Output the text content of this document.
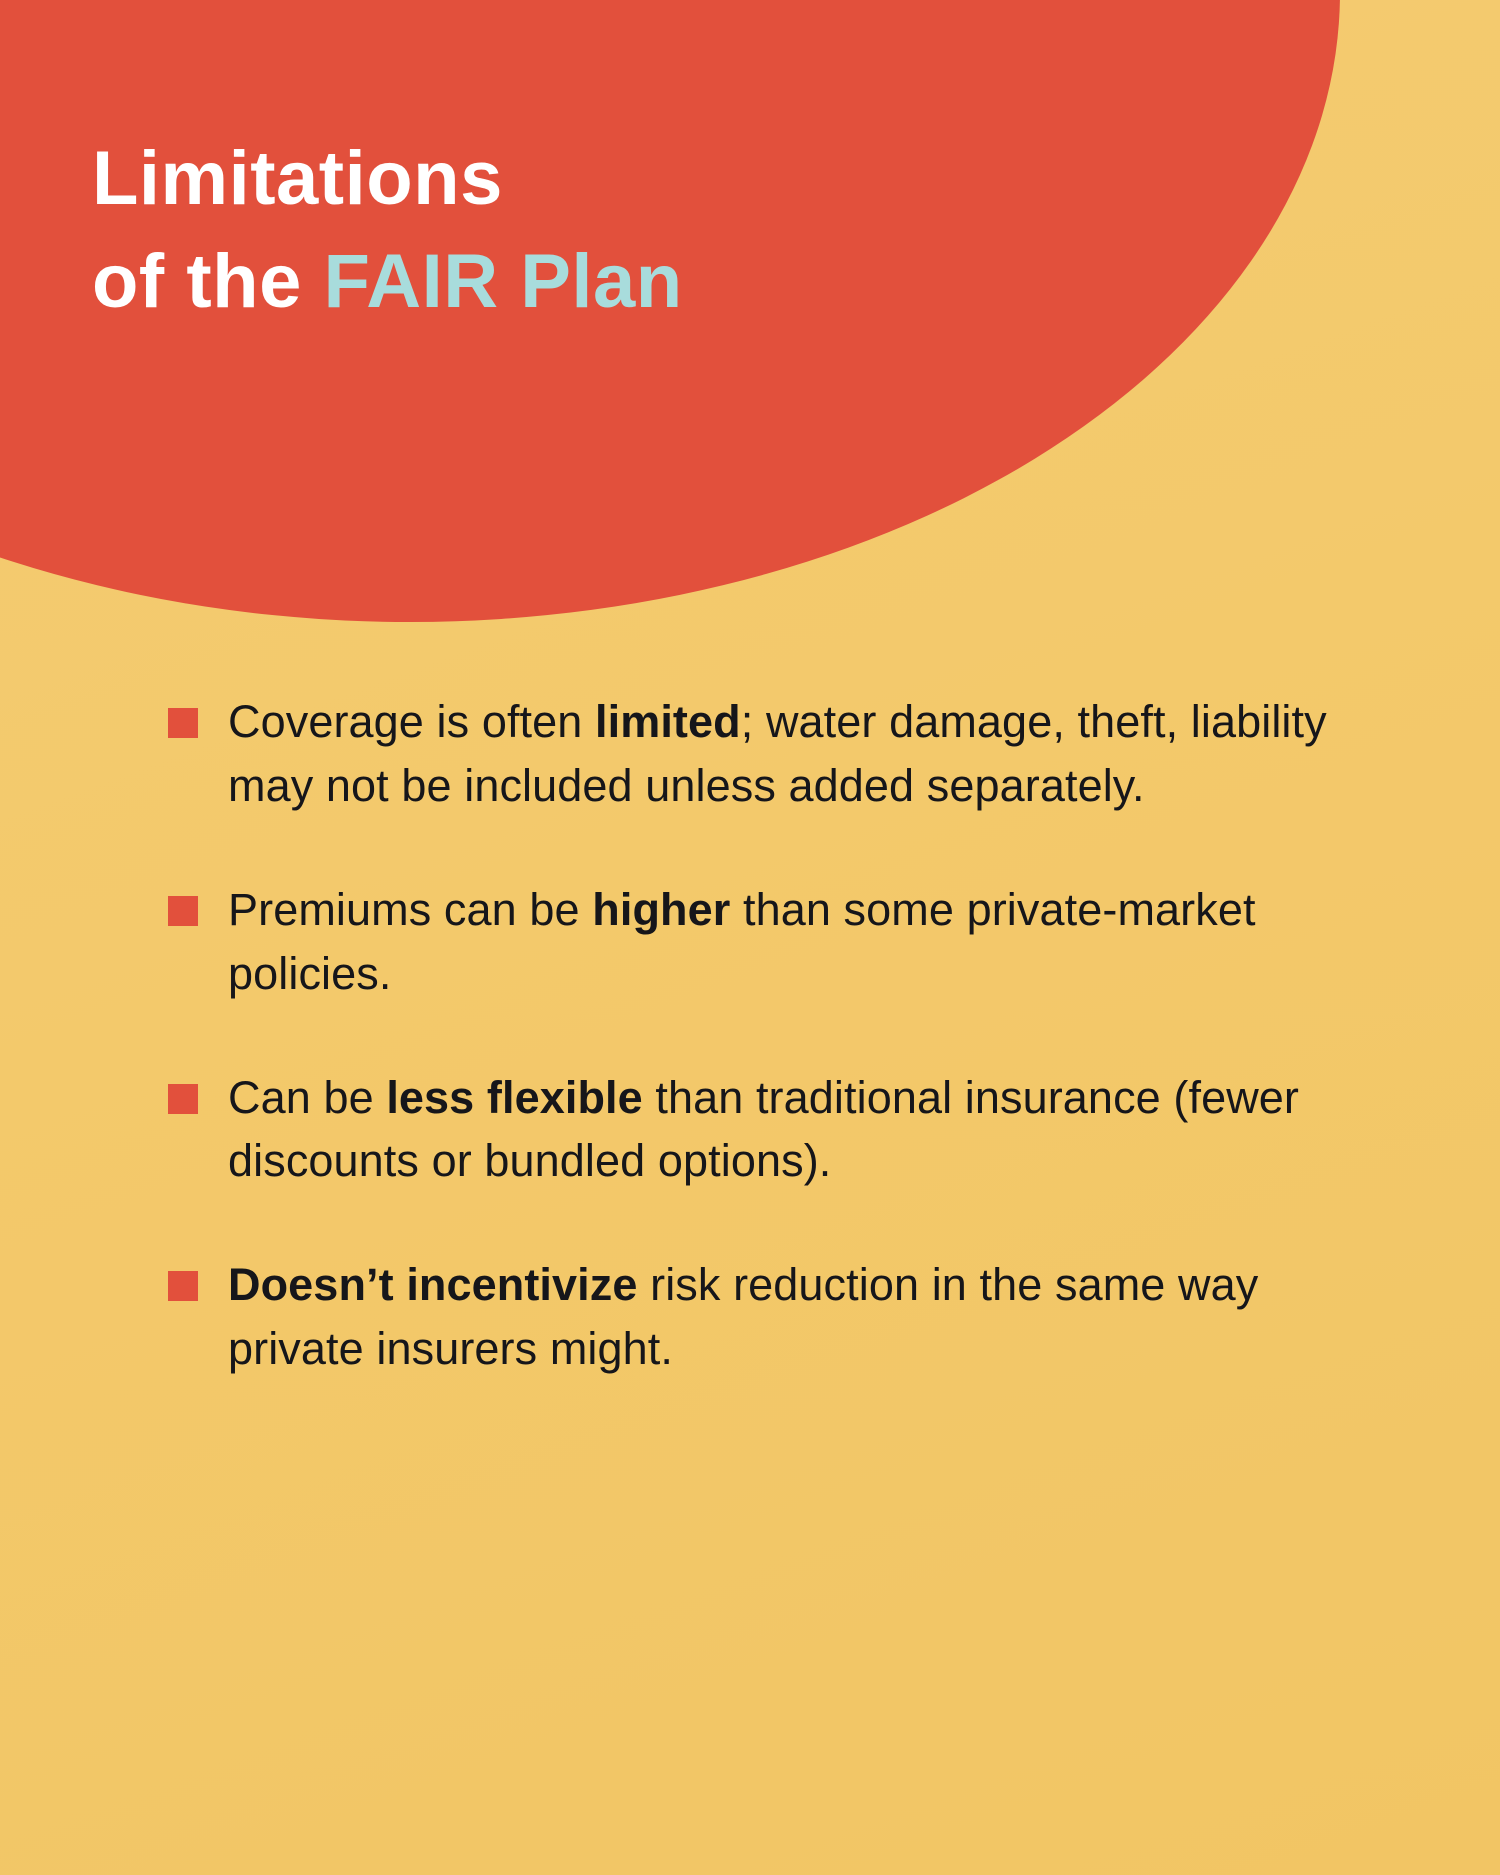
Limitations
of the FAIR Plan
Coverage is often limited; water damage, theft, liability may not be included unless added separately.
Premiums can be higher than some private-market policies.
Can be less flexible than traditional insurance (fewer discounts or bundled options).
Doesn’t incentivize risk reduction in the same way private insurers might.
